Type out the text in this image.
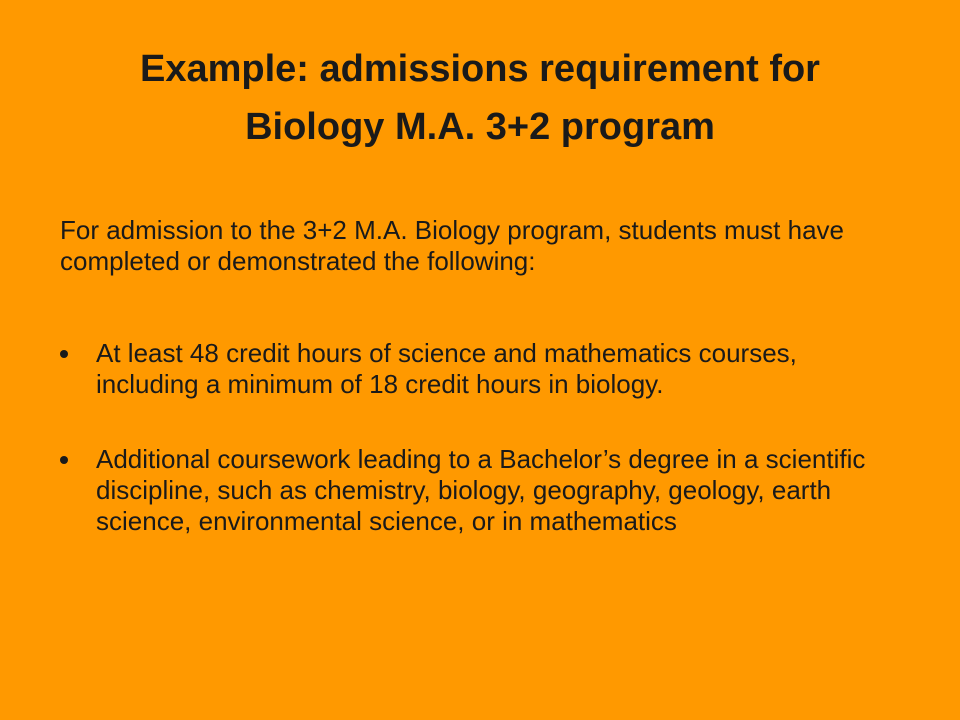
Example: admissions requirement for
Biology M.A. 3+2 program

For admission to the 3+2 M.A. Biology program, students must have completed or demonstrated the following:

At least 48 credit hours of science and mathematics courses, including a minimum of 18 credit hours in biology.
Additional coursework leading to a Bachelor’s degree in a scientific discipline, such as chemistry, biology, geography, geology, earth science, environmental science, or in mathematics
